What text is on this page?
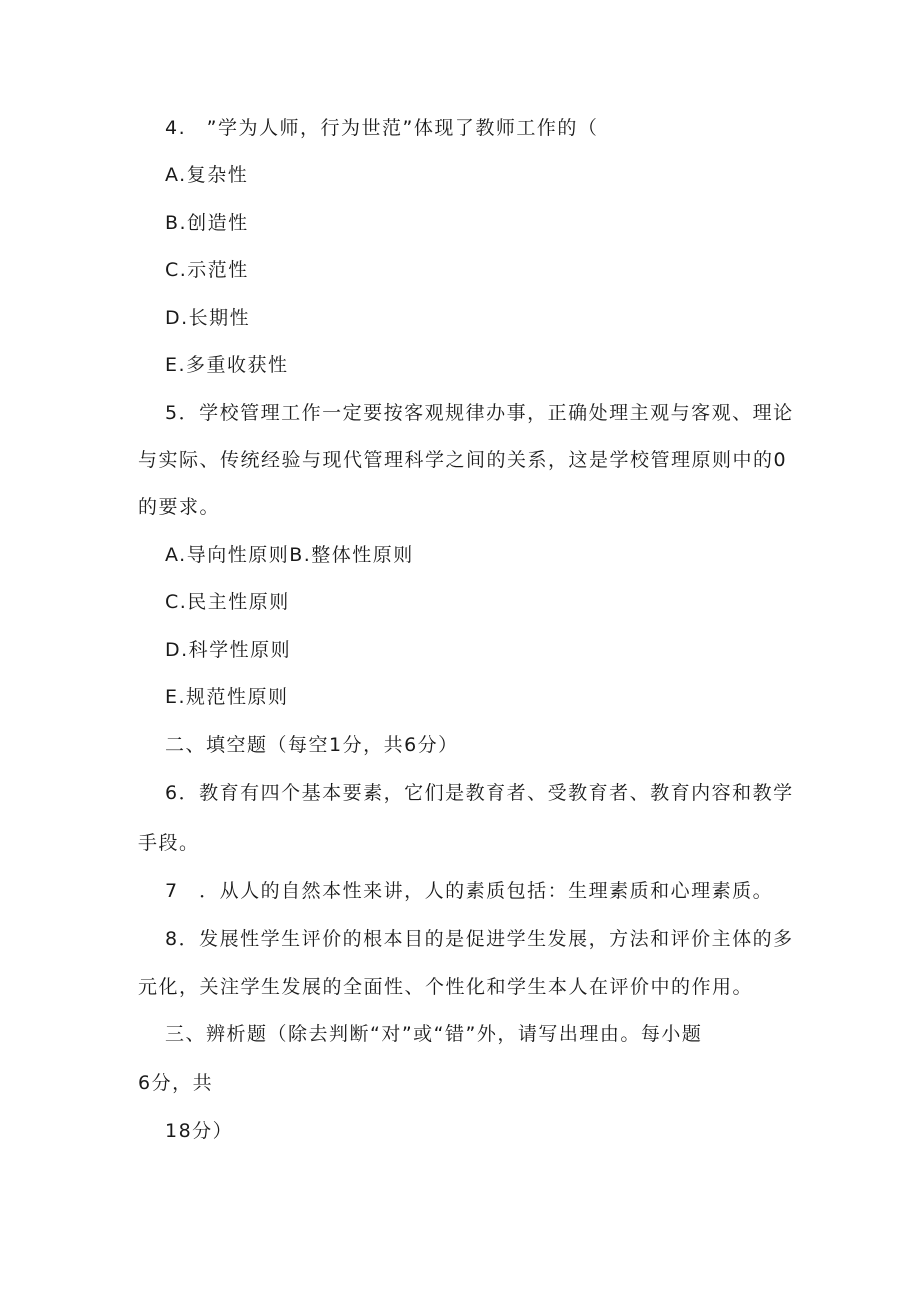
4.　”学为人师，行为世范”体现了教师工作的（
A.复杂性
B.创造性
C.示范性
D.长期性
E.多重收获性
5．学校管理工作一定要按客观规律办事，正确处理主观与客观、理论
与实际、传统经验与现代管理科学之间的关系，这是学校管理原则中的0
的要求。
A.导向性原则B.整体性原则
C.民主性原则
D.科学性原则
E.规范性原则
二、填空题（每空1分，共6分）
6．教育有四个基本要素，它们是教育者、受教育者、教育内容和教学
手段。
7　．从人的自然本性来讲，人的素质包括：生理素质和心理素质。
8．发展性学生评价的根本目的是促进学生发展，方法和评价主体的多
元化，关注学生发展的全面性、个性化和学生本人在评价中的作用。
三、辨析题（除去判断“对”或“错”外，请写出理由。每小题
6分，共
18分）
